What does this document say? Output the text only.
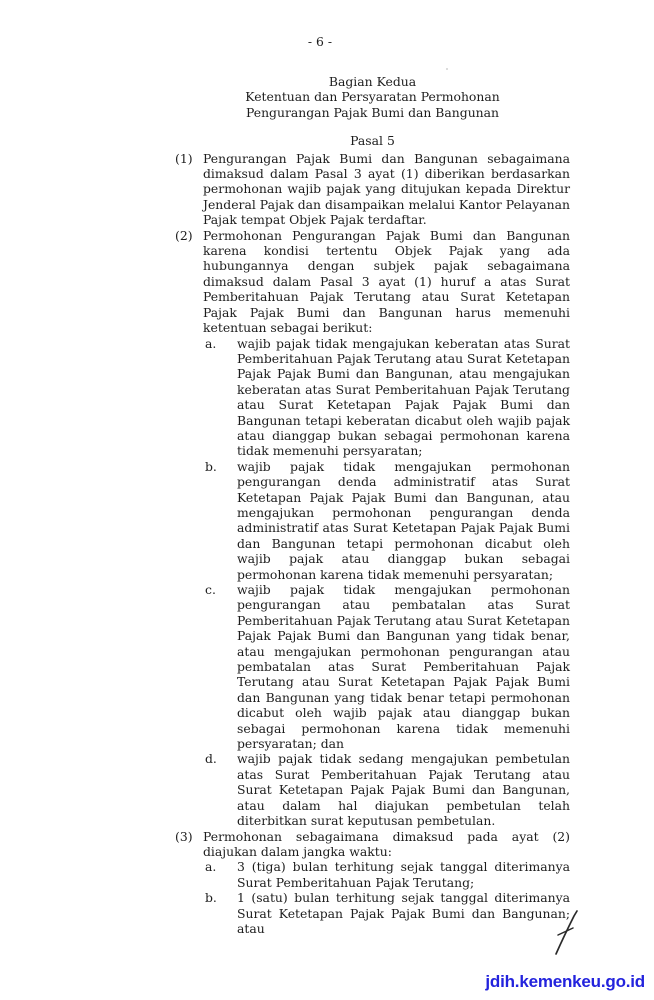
- 6 -
Bagian Kedua
Ketentuan dan Persyaratan Permohonan
Pengurangan Pajak Bumi dan Bangunan
Pasal 5
(1) Pengurangan Pajak Bumi dan Bangunan sebagaimana dimaksud dalam Pasal 3 ayat (1) diberikan berdasarkan permohonan wajib pajak yang ditujukan kepada Direktur Jenderal Pajak dan disampaikan melalui Kantor Pelayanan Pajak tempat Objek Pajak terdaftar.
(2) Permohonan Pengurangan Pajak Bumi dan Bangunan karena kondisi tertentu Objek Pajak yang ada hubungannya dengan subjek pajak sebagaimana dimaksud dalam Pasal 3 ayat (1) huruf a atas Surat Pemberitahuan Pajak Terutang atau Surat Ketetapan Pajak Pajak Bumi dan Bangunan harus memenuhi ketentuan sebagai berikut:
a.	wajib pajak tidak mengajukan keberatan atas Surat Pemberitahuan Pajak Terutang atau Surat Ketetapan Pajak Pajak Bumi dan Bangunan, atau mengajukan keberatan atas Surat Pemberitahuan Pajak Terutang atau Surat Ketetapan Pajak Pajak Bumi dan Bangunan tetapi keberatan dicabut oleh wajib pajak atau dianggap bukan sebagai permohonan karena tidak memenuhi persyaratan;
b.	wajib pajak tidak mengajukan permohonan pengurangan denda administratif atas Surat Ketetapan Pajak Pajak Bumi dan Bangunan, atau mengajukan permohonan pengurangan denda administratif atas Surat Ketetapan Pajak Pajak Bumi dan Bangunan tetapi permohonan dicabut oleh wajib pajak atau dianggap bukan sebagai permohonan karena tidak memenuhi persyaratan;
c.	wajib pajak tidak mengajukan permohonan pengurangan atau pembatalan atas Surat Pemberitahuan Pajak Terutang atau Surat Ketetapan Pajak Pajak Bumi dan Bangunan yang tidak benar, atau mengajukan permohonan pengurangan atau pembatalan atas Surat Pemberitahuan Pajak Terutang atau Surat Ketetapan Pajak Pajak Bumi dan Bangunan yang tidak benar tetapi permohonan dicabut oleh wajib pajak atau dianggap bukan sebagai permohonan karena tidak memenuhi persyaratan; dan
d.	wajib pajak tidak sedang mengajukan pembetulan atas Surat Pemberitahuan Pajak Terutang atau Surat Ketetapan Pajak Pajak Bumi dan Bangunan, atau dalam hal diajukan pembetulan telah diterbitkan surat keputusan pembetulan.
(3) Permohonan sebagaimana dimaksud pada ayat (2) diajukan dalam jangka waktu:
a.	3 (tiga) bulan terhitung sejak tanggal diterimanya Surat Pemberitahuan Pajak Terutang;
b.	1 (satu) bulan terhitung sejak tanggal diterimanya Surat Ketetapan Pajak Pajak Bumi dan Bangunan; atau
jdih.kemenkeu.go.id
